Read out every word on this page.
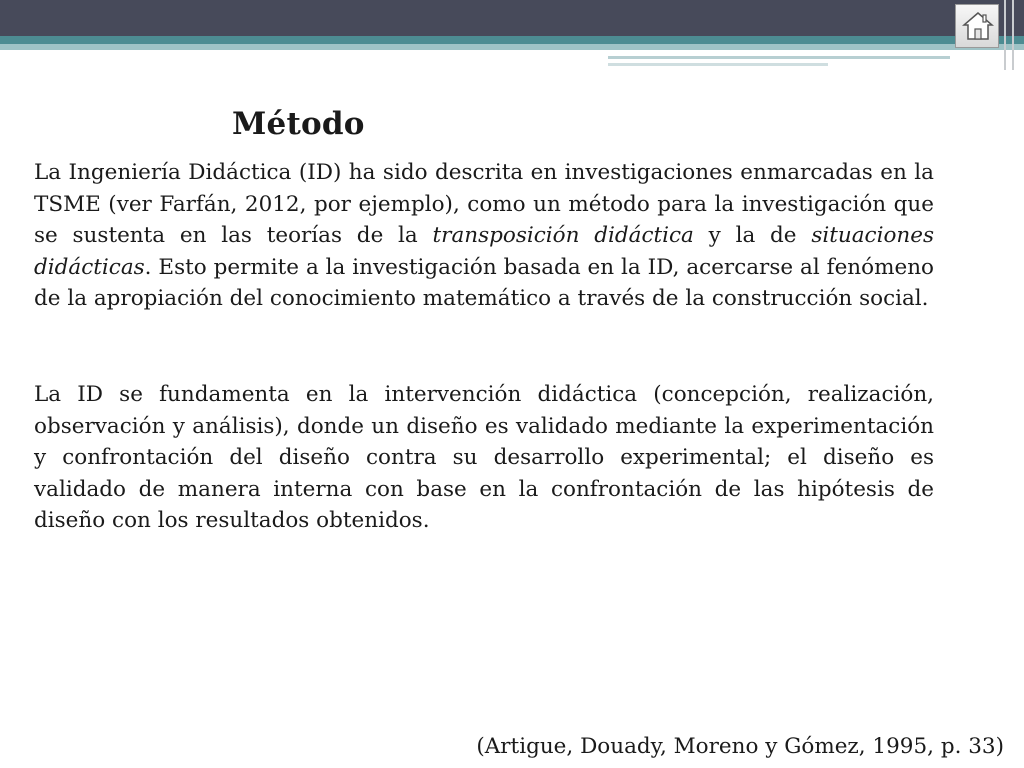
Método
La Ingeniería Didáctica (ID) ha sido descrita en investigaciones enmarcadas en la TSME (ver Farfán, 2012, por ejemplo), como un método para la investigación que se sustenta en las teorías de la transposición didáctica y la de situaciones didácticas. Esto permite a la investigación basada en la ID, acercarse al fenómeno de la apropiación del conocimiento matemático a través de la construcción social.
La ID se fundamenta en la intervención didáctica (concepción, realización, observación y análisis), donde un diseño es validado mediante la experimentación y confrontación del diseño contra su desarrollo experimental; el diseño es validado de manera interna con base en la confrontación de las hipótesis de diseño con los resultados obtenidos.
(Artigue, Douady, Moreno y Gómez, 1995, p. 33)
